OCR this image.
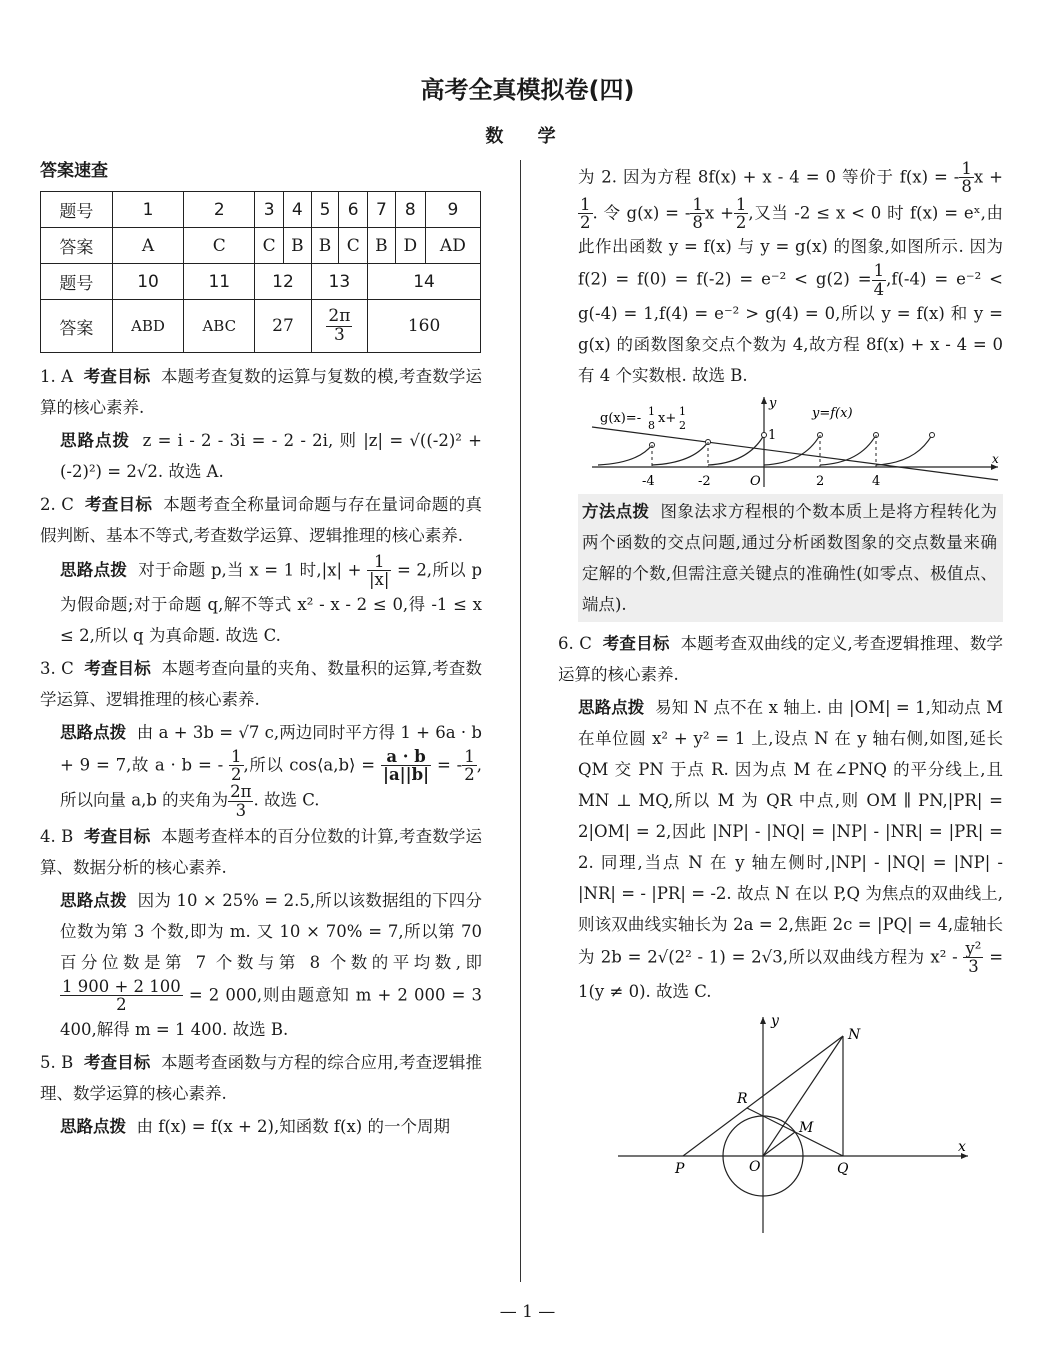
高考全真模拟卷(四)
数 学
答案速查
题号	1	2	3	4	5	6	7	8	9
答案	A	C	C	B	B	C	B	D	AD
题号	10	11	12		13		14		
答案	ABD	ABC	27		$\frac{2\pi}{3}$		160		
1. A 考查目标 本题考查复数的运算与复数的模,考查数学运算的核心素养.
思路点拨 z = i - 2 - 3i = - 2 - 2i, 则 |z| = √((-2)² + (-2)²) = 2√2. 故选 A.
2. C 考查目标 本题考查全称量词命题与存在量词命题的真假判断、基本不等式,考查数学运算、逻辑推理的核心素养.
思路点拨 对于命题 p,当 x = 1 时$,|x| + \frac{1}{|x|} = 2$,所以 p 为假命题;对于命题 q,解不等式 x² - x - 2 ≤ 0,得 -1 ≤ x ≤ 2,所以 q 为真命题. 故选 C.
3. C 考查目标 本题考查向量的夹角、数量积的运算,考查数学运算、逻辑推理的核心素养.
思路点拨 由 a + 3b = √7 c,两边同时平方得 1 + 6a · b + 9 = 7,故 a · b = - $\frac{1}{2}$ ,所以 cos⟨a,b⟩ = $\frac{a \cdot b}{|a||b|}$ = - $\frac{1}{2}$ ,所以向量 a,b 的夹角为 $\frac{2\pi}{3}$ . 故选 C.
4. B 考查目标 本题考查样本的百分位数的计算,考查数学运算、数据分析的核心素养.
思路点拨 因为 10 × 25% = 2.5,所以该数据组的下四分位数为第 3 个数,即为 m. 又 10 × 70% = 7,所以第 70 百分位数是第 7 个数与第 8 个数的平均数,即
$\frac{1 900 + 2 100}{2} = 2$ 000,则由题意知 m + 2 000 = 3 400,解得 m = 1 400. 故选 B.
5. B 考查目标 本题考查函数与方程的综合应用,考查逻辑推理、数学运算的核心素养.
思路点拨 由 f(x) = f(x + 2),知函数 f(x) 的一个周期
为 2. 因为方程 8f(x) + x - 4 = 0 等价于 f(x) = - $\frac{1}{8}$ x +
$\frac{1}{2}$ . 令 g(x) = - $\frac{1}{8}$ $x + \frac{1}{2}$ ,又当 -2 ≤ x < 0 时 f(x) = eˣ,由此作出函数 y = f(x) 与 y = g(x) 的图象,如图所示. 因为 $f(2) = f(0) = f(-2) = e^{-2} < g(2) = \frac{1}{4} ,f(-4) = e^{-2} < g(-4) = 1,f(4) = e^{-2} > g(4) = 0$,所以 y = f(x) 和 y = g(x) 的函数图象交点个数为 4,故方程 8f(x) + x - 4 = 0 有 4 个实数根. 故选 B.
g(x)=- 1
8 x+ 1
2
y=f(x)
y
x
1
O
-4	-2	2	4
方法点拨 图象法求方程根的个数本质上是将方程转化为两个函数的交点问题,通过分析函数图象的交点数量来确定解的个数,但需注意关键点的准确性(如零点、极值点、端点).
6. C 考查目标 本题考查双曲线的定义,考查逻辑推理、数学运算的核心素养.
思路点拨 易知 N 点不在 x 轴上. 由 |OM| = 1,知动点 M 在单位圆 x² + y² = 1 上,设点 N 在 y 轴右侧,如图,延长 QM 交 PN 于点 R. 因为点 M 在∠PNQ 的平分线上,且 MN ⊥ MQ,所以 M 为 QR 中点,则 OM ∥ PN,|PR| = 2|OM| = 2,因此 |NP| - |NQ| = |NP| - |NR| = |PR| = 2. 同理,当点 N 在 y 轴左侧时,|NP| - |NQ| = |NP| - |NR| = - |PR| = -2. 故点 N 在以 P,Q 为焦点的双曲线上,则该双曲线实轴长为 2a = 2,焦距 2c = |PQ| = 4,虚轴长为 2b = 2√(2² - 1) = 2√3,所以双曲线方程为 $x^2 - \frac{\text{y²}}{3} = 1(y \ne 0)$. 故选 C.
y
x
N
R
M
P	O	Q
— 1 —
